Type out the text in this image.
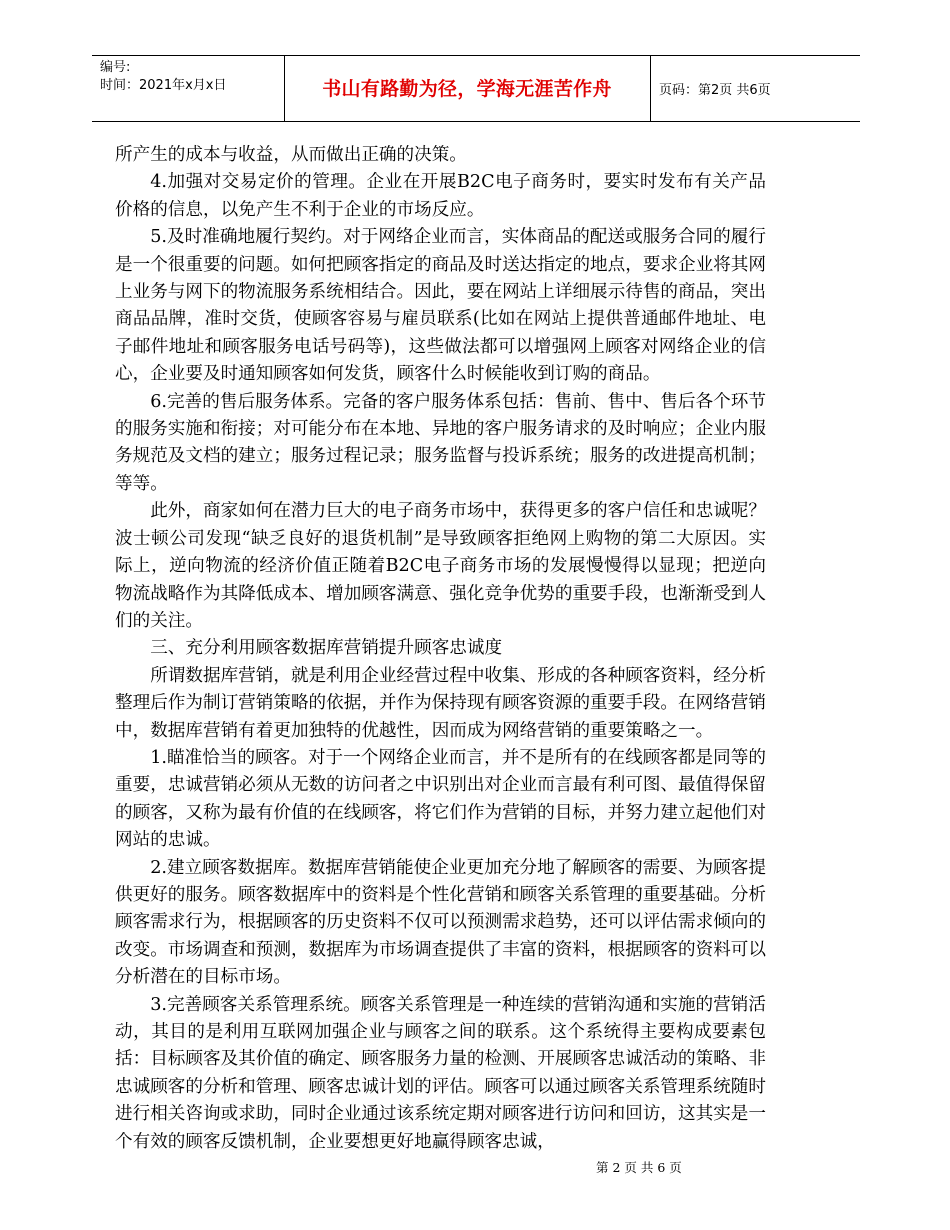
编号:
时间：2021年x月x日	书山有路勤为径，学海无涯苦作舟	页码：第2页 共6页

所产生的成本与收益，从而做出正确的决策。

4.加强对交易定价的管理。企业在开展B2C电子商务时，要实时发布有关产品价格的信息，以免产生不利于企业的市场反应。

5.及时准确地履行契约。对于网络企业而言，实体商品的配送或服务合同的履行是一个很重要的问题。如何把顾客指定的商品及时送达指定的地点，要求企业将其网上业务与网下的物流服务系统相结合。因此，要在网站上详细展示待售的商品，突出商品品牌，准时交货，使顾客容易与雇员联系(比如在网站上提供普通邮件地址、电子邮件地址和顾客服务电话号码等)，这些做法都可以增强网上顾客对网络企业的信心，企业要及时通知顾客如何发货，顾客什么时候能收到订购的商品。

6.完善的售后服务体系。完备的客户服务体系包括：售前、售中、售后各个环节的服务实施和衔接；对可能分布在本地、异地的客户服务请求的及时响应；企业内服务规范及文档的建立；服务过程记录；服务监督与投诉系统；服务的改进提高机制；等等。

此外，商家如何在潜力巨大的电子商务市场中，获得更多的客户信任和忠诚呢？波士顿公司发现“缺乏良好的退货机制”是导致顾客拒绝网上购物的第二大原因。实际上，逆向物流的经济价值正随着B2C电子商务市场的发展慢慢得以显现；把逆向物流战略作为其降低成本、增加顾客满意、强化竞争优势的重要手段，也渐渐受到人们的关注。

三、充分利用顾客数据库营销提升顾客忠诚度

所谓数据库营销，就是利用企业经营过程中收集、形成的各种顾客资料，经分析整理后作为制订营销策略的依据，并作为保持现有顾客资源的重要手段。在网络营销中，数据库营销有着更加独特的优越性，因而成为网络营销的重要策略之一。

1.瞄准恰当的顾客。对于一个网络企业而言，并不是所有的在线顾客都是同等的重要，忠诚营销必须从无数的访问者之中识别出对企业而言最有利可图、最值得保留的顾客，又称为最有价值的在线顾客，将它们作为营销的目标，并努力建立起他们对网站的忠诚。

2.建立顾客数据库。数据库营销能使企业更加充分地了解顾客的需要、为顾客提供更好的服务。顾客数据库中的资料是个性化营销和顾客关系管理的重要基础。分析顾客需求行为，根据顾客的历史资料不仅可以预测需求趋势，还可以评估需求倾向的改变。市场调查和预测，数据库为市场调查提供了丰富的资料，根据顾客的资料可以分析潜在的目标市场。

3.完善顾客关系管理系统。顾客关系管理是一种连续的营销沟通和实施的营销活动，其目的是利用互联网加强企业与顾客之间的联系。这个系统得主要构成要素包括：目标顾客及其价值的确定、顾客服务力量的检测、开展顾客忠诚活动的策略、非忠诚顾客的分析和管理、顾客忠诚计划的评估。顾客可以通过顾客关系管理系统随时进行相关咨询或求助，同时企业通过该系统定期对顾客进行访问和回访，这其实是一个有效的顾客反馈机制，企业要想更好地赢得顾客忠诚，

第 2 页 共 6 页
